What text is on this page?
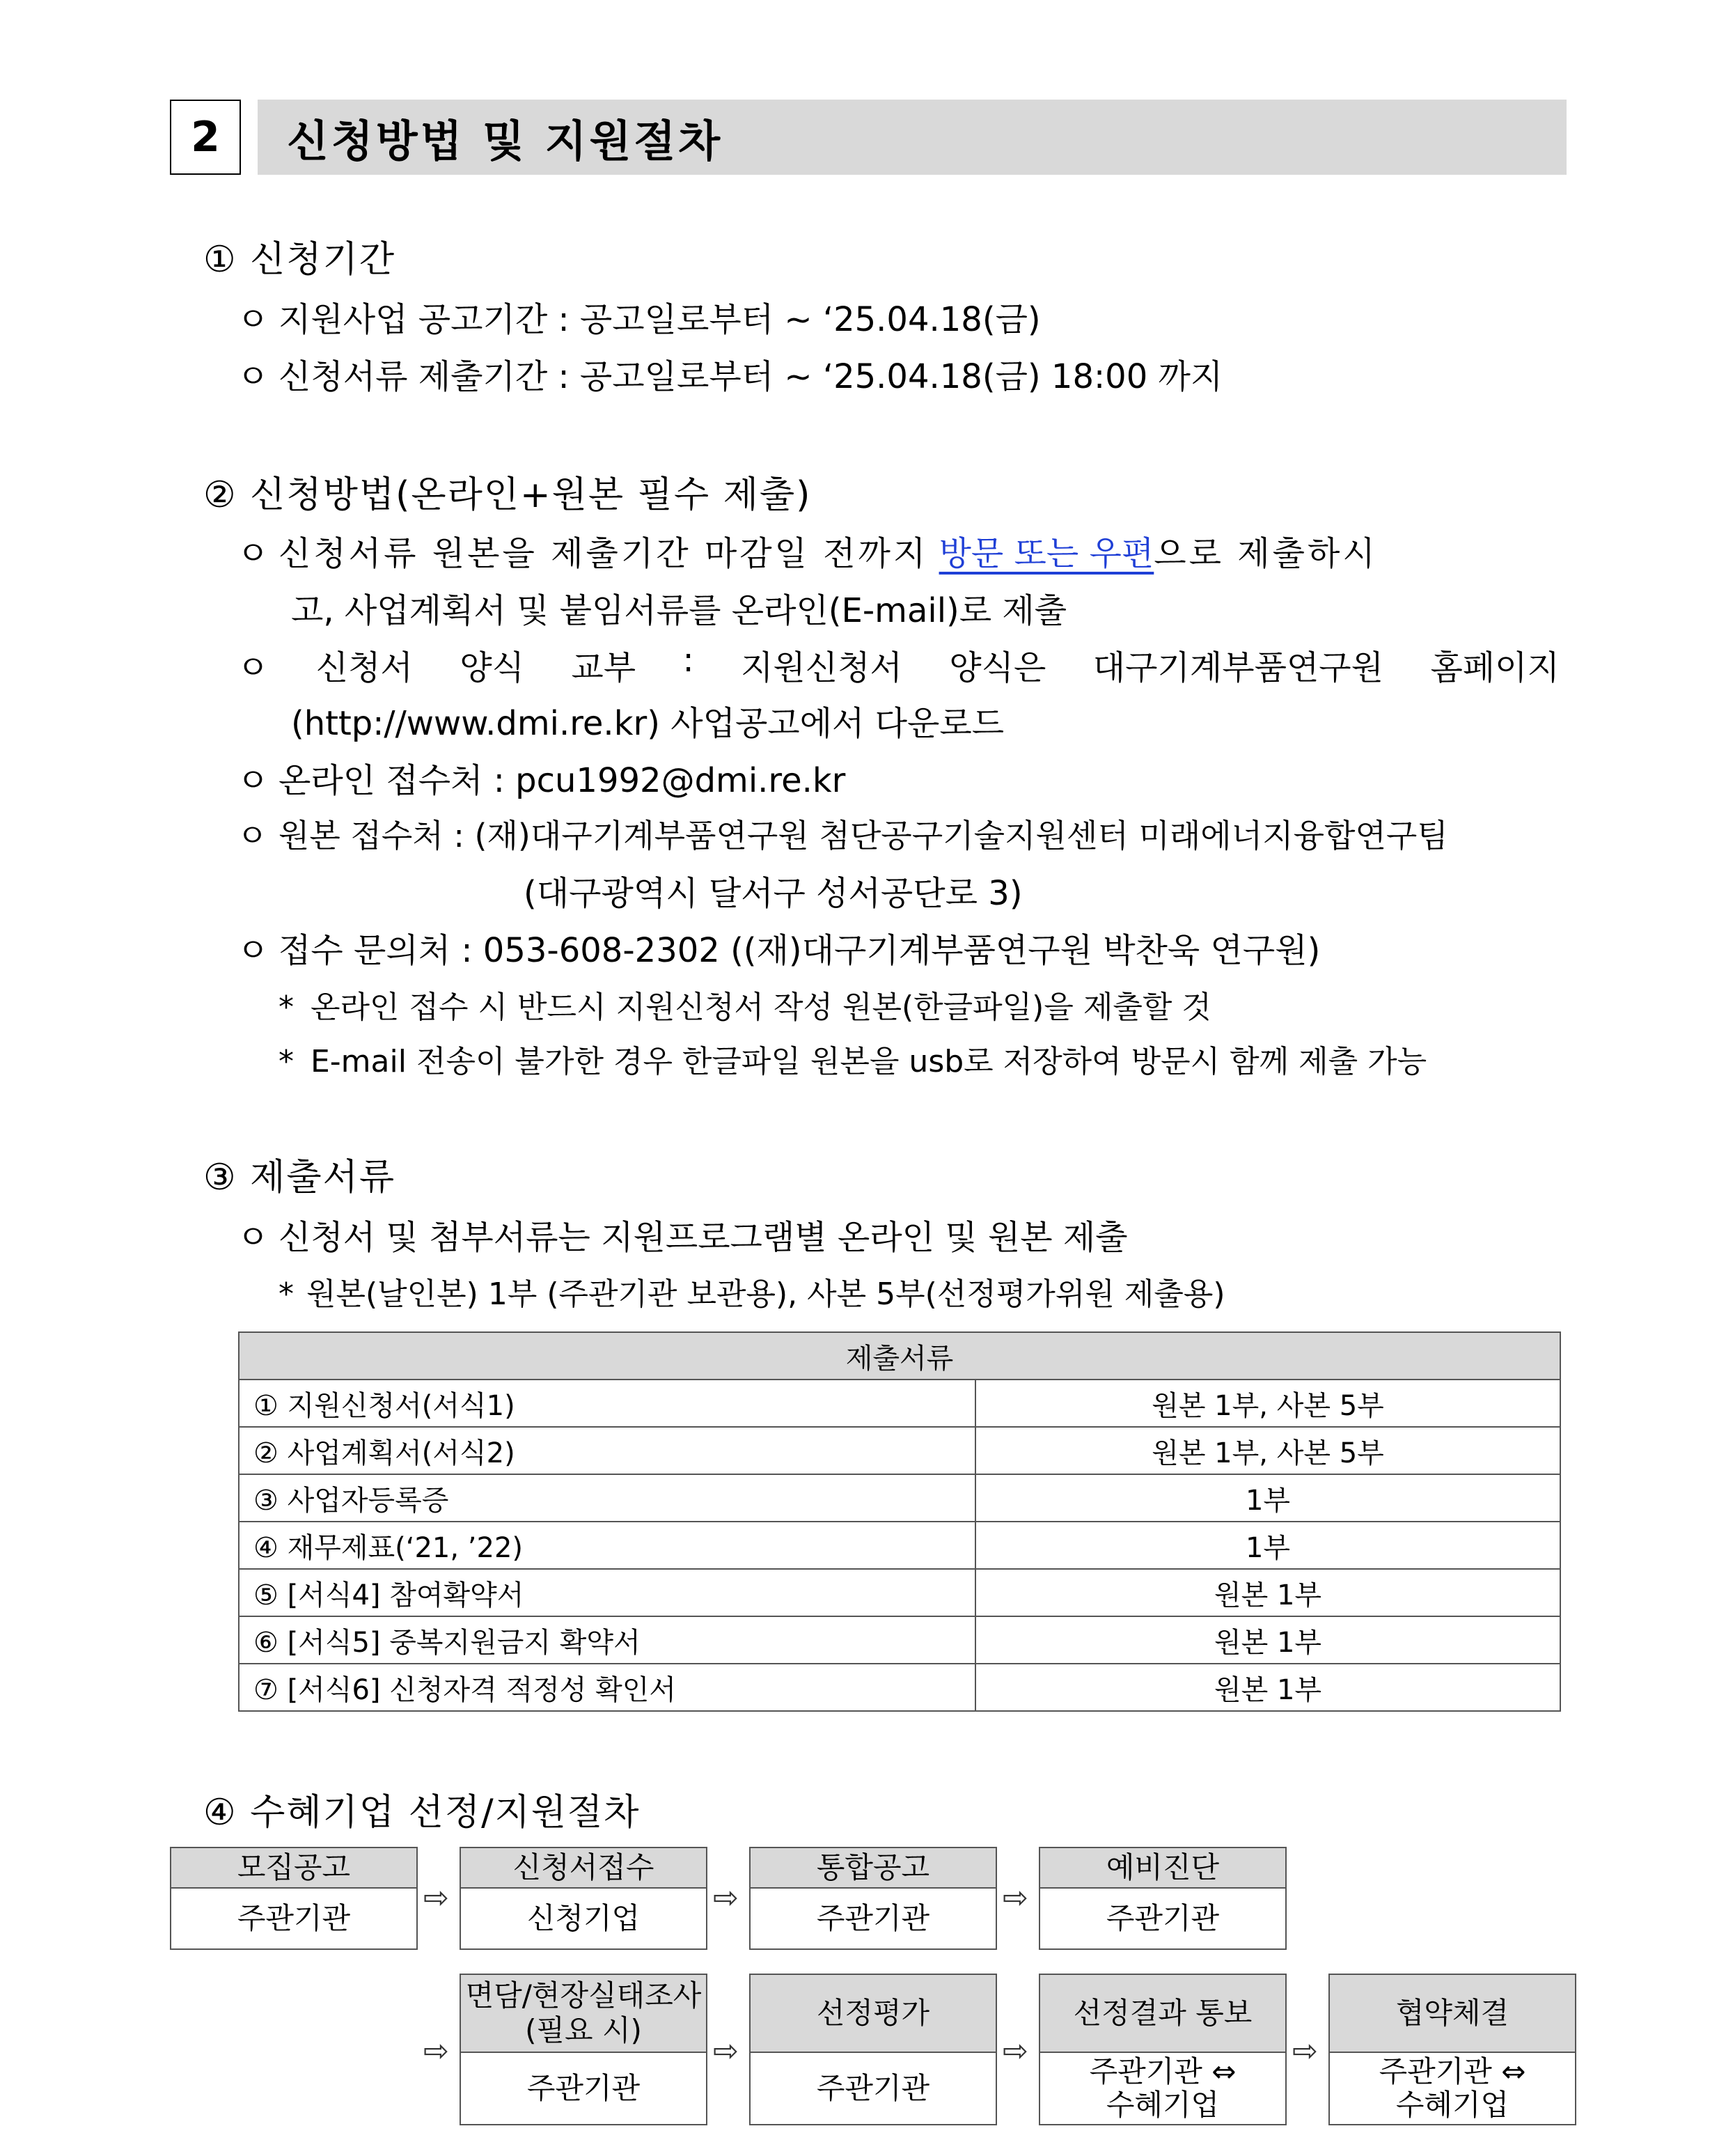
2	신청방법 및 지원절차
① 신청기간
ㅇ 지원사업 공고기간 : 공고일로부터 ~ ‘25.04.18(금)
ㅇ 신청서류 제출기간 : 공고일로부터 ~ ‘25.04.18(금) 18:00 까지
② 신청방법(온라인+원본 필수 제출)
ㅇ 신청서류 원본을 제출기간 마감일 전까지 방문 또는 우편으로 제출하시
고, 사업계획서 및 붙임서류를 온라인(E-mail)로 제출
ㅇ 신청서 양식 교부 : 지원신청서 양식은 대구기계부품연구원 홈페이지
(http://www.dmi.re.kr) 사업공고에서 다운로드
ㅇ 온라인 접수처 : pcu1992@dmi.re.kr
ㅇ 원본 접수처 : (재)대구기계부품연구원 첨단공구기술지원센터 미래에너지융합연구팀
(대구광역시 달서구 성서공단로 3)
ㅇ 접수 문의처 : 053-608-2302 ((재)대구기계부품연구원 박찬욱 연구원)
* 온라인 접수 시 반드시 지원신청서 작성 원본(한글파일)을 제출할 것
* E-mail 전송이 불가한 경우 한글파일 원본을 usb로 저장하여 방문시 함께 제출 가능
③ 제출서류
ㅇ 신청서 및 첨부서류는 지원프로그램별 온라인 및 원본 제출
* 원본(날인본) 1부 (주관기관 보관용), 사본 5부(선정평가위원 제출용)
제출서류	
① 지원신청서(서식1)	원본 1부, 사본 5부
② 사업계획서(서식2)	원본 1부, 사본 5부
③ 사업자등록증	1부
④ 재무제표(‘21, ’22)	1부
⑤ [서식4] 참여확약서	원본 1부
⑥ [서식5] 중복지원금지 확약서	원본 1부
⑦ [서식6] 신청자격 적정성 확인서	원본 1부
④ 수혜기업 선정/지원절차
모집공고
주관기관
⇨
신청서접수
신청기업
⇨
통합공고
주관기관
⇨
예비진단
주관기관
⇨
면담/현장실태조사
(필요 시)
주관기관
⇨
선정평가
주관기관
⇨
선정결과 통보
주관기관 ⇔
수혜기업
⇨
협약체결
주관기관 ⇔
수혜기업
